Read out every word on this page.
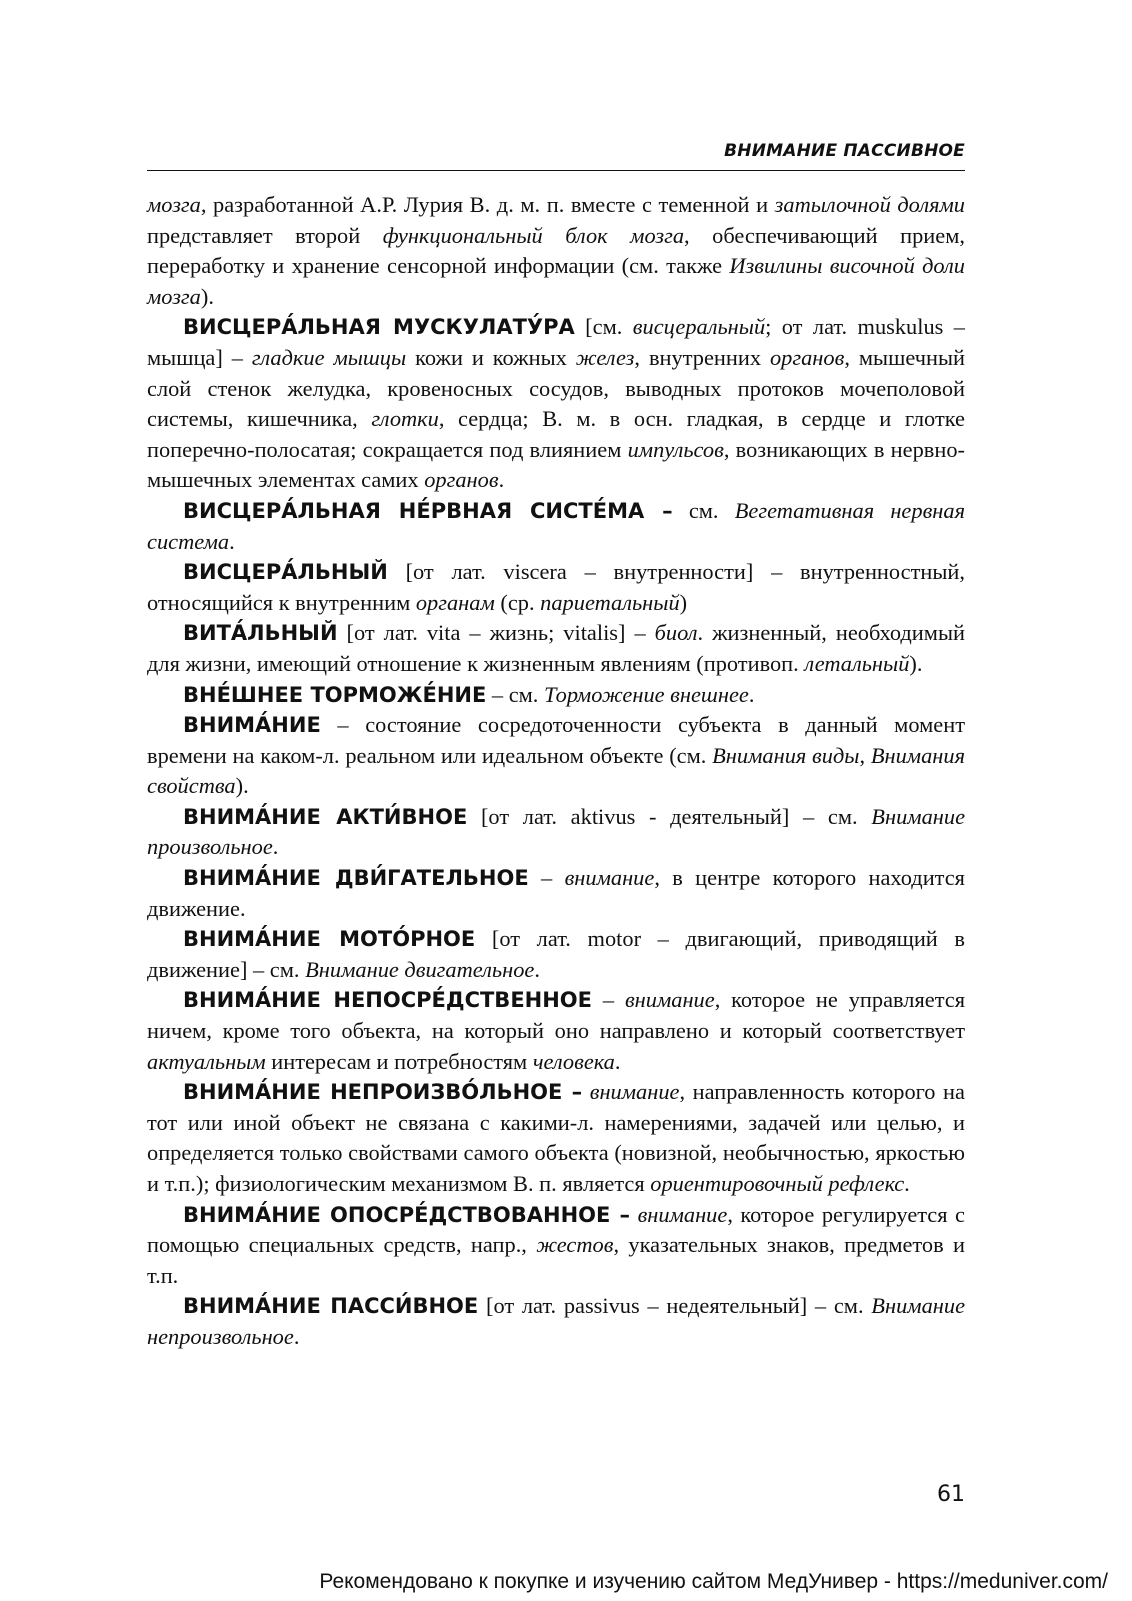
ВНИМАНИЕ ПАССИВНОЕ

мозга, разработанной А.Р. Лурия В. д. м. п. вместе с теменной и затылочной долями представляет второй функциональный блок мозга, обеспечивающий прием, переработку и хранение сенсорной информации (см. также Извилины височной доли мозга).

ВИСЦЕРА́ЛЬНАЯ МУСКУЛАТУ́РА [см. висцеральный; от лат. muskulus – мышца] – гладкие мышцы кожи и кожных желез, внутренних органов, мышечный слой стенок желудка, кровеносных сосудов, выводных протоков мочеполовой системы, кишечника, глотки, сердца; В. м. в осн. гладкая, в сердце и глотке поперечно-полосатая; сокращается под влиянием импульсов, возникающих в нервно-мышечных элементах самих органов.

ВИСЦЕРА́ЛЬНАЯ НЕ́РВНАЯ СИСТЕ́МА – см. Вегетативная нервная система.

ВИСЦЕРА́ЛЬНЫЙ [от лат. viscera – внутренности] – внутренностный, относящийся к внутренним органам (ср. париетальный)

ВИТА́ЛЬНЫЙ [от лат. vita – жизнь; vitalis] – биол. жизненный, необходимый для жизни, имеющий отношение к жизненным явлениям (противоп. летальный).

ВНЕ́ШНЕЕ ТОРМОЖЕ́НИЕ – см. Торможение внешнее.

ВНИМА́НИЕ – состояние сосредоточенности субъекта в данный момент времени на каком-л. реальном или идеальном объекте (см. Внимания виды, Внимания свойства).

ВНИМА́НИЕ АКТИ́ВНОЕ [от лат. aktivus - деятельный] – см. Внимание произвольное.

ВНИМА́НИЕ ДВИ́ГАТЕЛЬНОЕ – внимание, в центре которого находится движение.

ВНИМА́НИЕ МОТО́РНОЕ [от лат. motor – двигающий, приводящий в движение] – см. Внимание двигательное.

ВНИМА́НИЕ НЕПОСРЕ́ДСТВЕННОЕ – внимание, которое не управляется ничем, кроме того объекта, на который оно направлено и который соответствует актуальным интересам и потребностям человека.

ВНИМА́НИЕ НЕПРОИЗВО́ЛЬНОЕ – внимание, направленность которого на тот или иной объект не связана с какими-л. намерениями, задачей или целью, и определяется только свойствами самого объекта (новизной, необычностью, яркостью и т.п.); физиологическим механизмом В. п. является ориентировочный рефлекс.

ВНИМА́НИЕ ОПОСРЕ́ДСТВОВАННОЕ – внимание, которое регулируется с помощью специальных средств, напр., жестов, указательных знаков, предметов и т.п.

ВНИМА́НИЕ ПАССИ́ВНОЕ [от лат. passivus – недеятельный] – см. Внимание непроизвольное.

61
Рекомендовано к покупке и изучению сайтом МедУнивер - https://meduniver.com/
